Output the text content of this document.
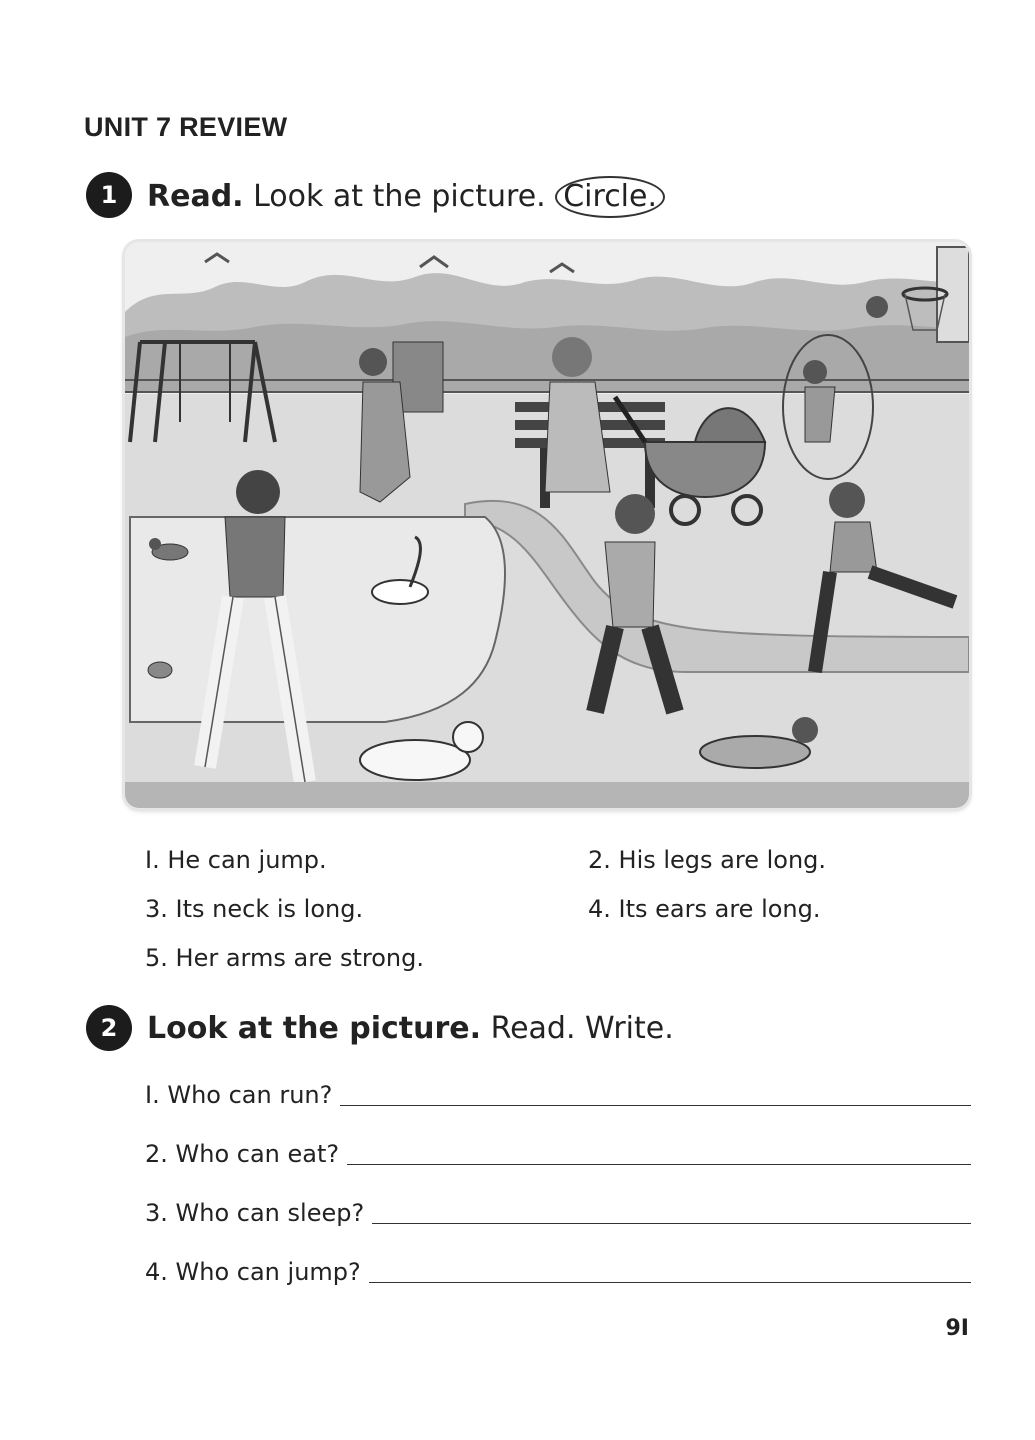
UNIT 7 REVIEW
1 Read. Look at the picture. Circle.
I. He can jump.	2. His legs are long.
3. Its neck is long.	4. Its ears are long.
5. Her arms are strong.
2 Look at the picture. Read. Write.
I. Who can run?
2. Who can eat?
3. Who can sleep?
4. Who can jump?
9I
